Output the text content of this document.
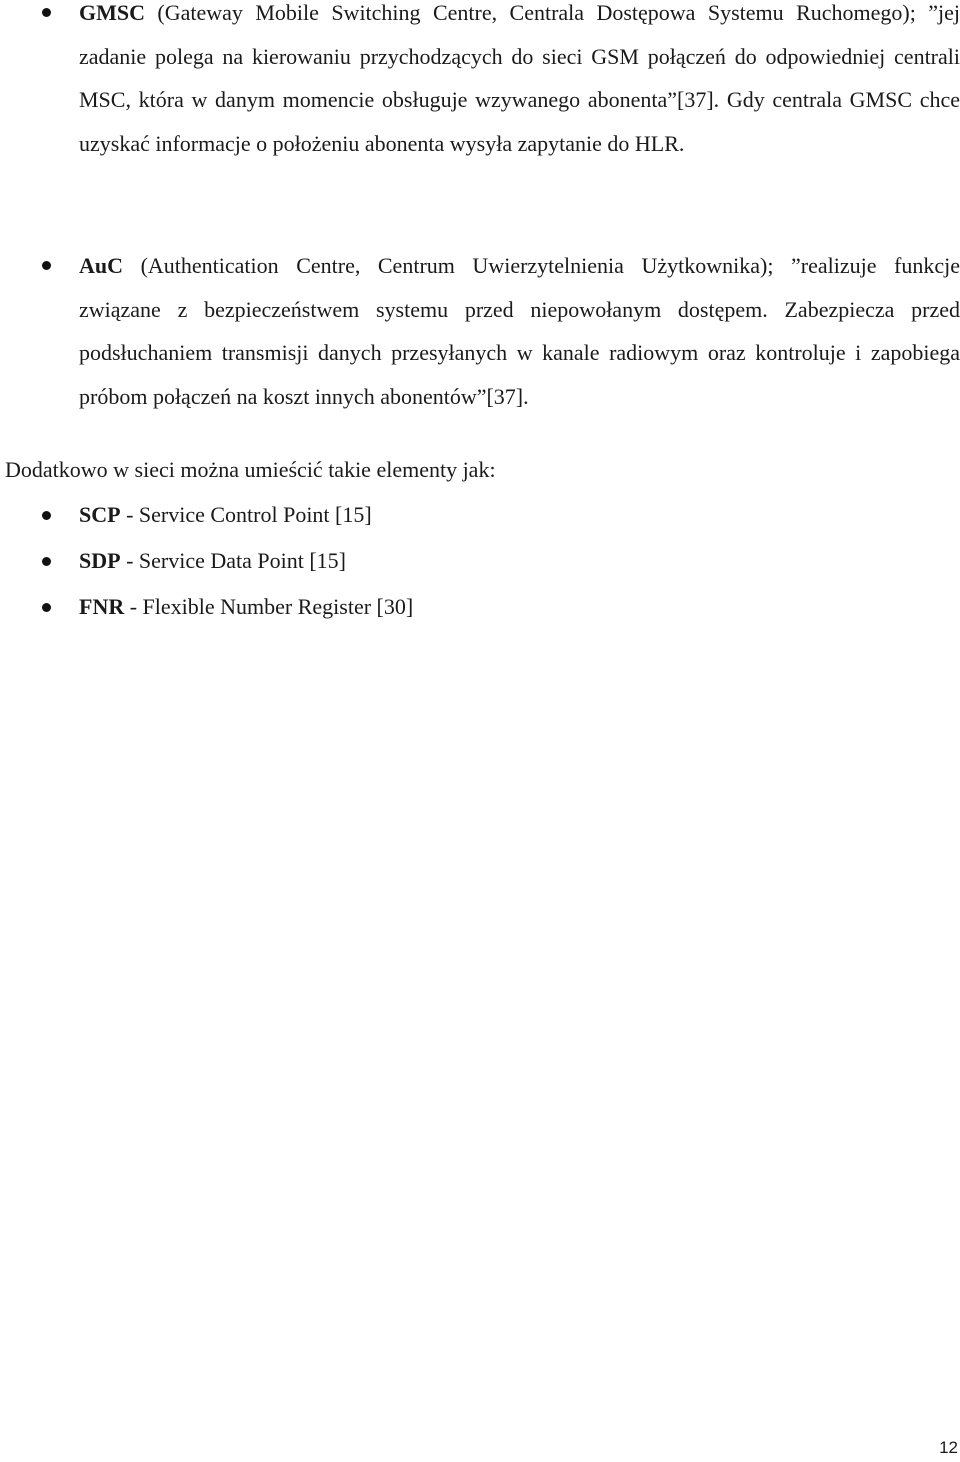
GMSC (Gateway Mobile Switching Centre, Centrala Dostępowa Systemu Ruchomego); ”jej zadanie polega na kierowaniu przychodzących do sieci GSM połączeń do odpowiedniej centrali MSC, która w danym momencie obsługuje wzywanego abonenta”[37]. Gdy centrala GMSC chce uzyskać informacje o położeniu abonenta wysyła zapytanie do HLR.
AuC (Authentication Centre, Centrum Uwierzytelnienia Użytkownika); ”realizuje funkcje związane z bezpieczeństwem systemu przed niepowołanym dostępem. Zabezpiecza przed podsłuchaniem transmisji danych przesyłanych w kanale radiowym oraz kontroluje i zapobiega próbom połączeń na koszt innych abonentów”[37].
Dodatkowo w sieci można umieścić takie elementy jak:
SCP - Service Control Point [15]
SDP - Service Data Point [15]
FNR - Flexible Number Register [30]
12
